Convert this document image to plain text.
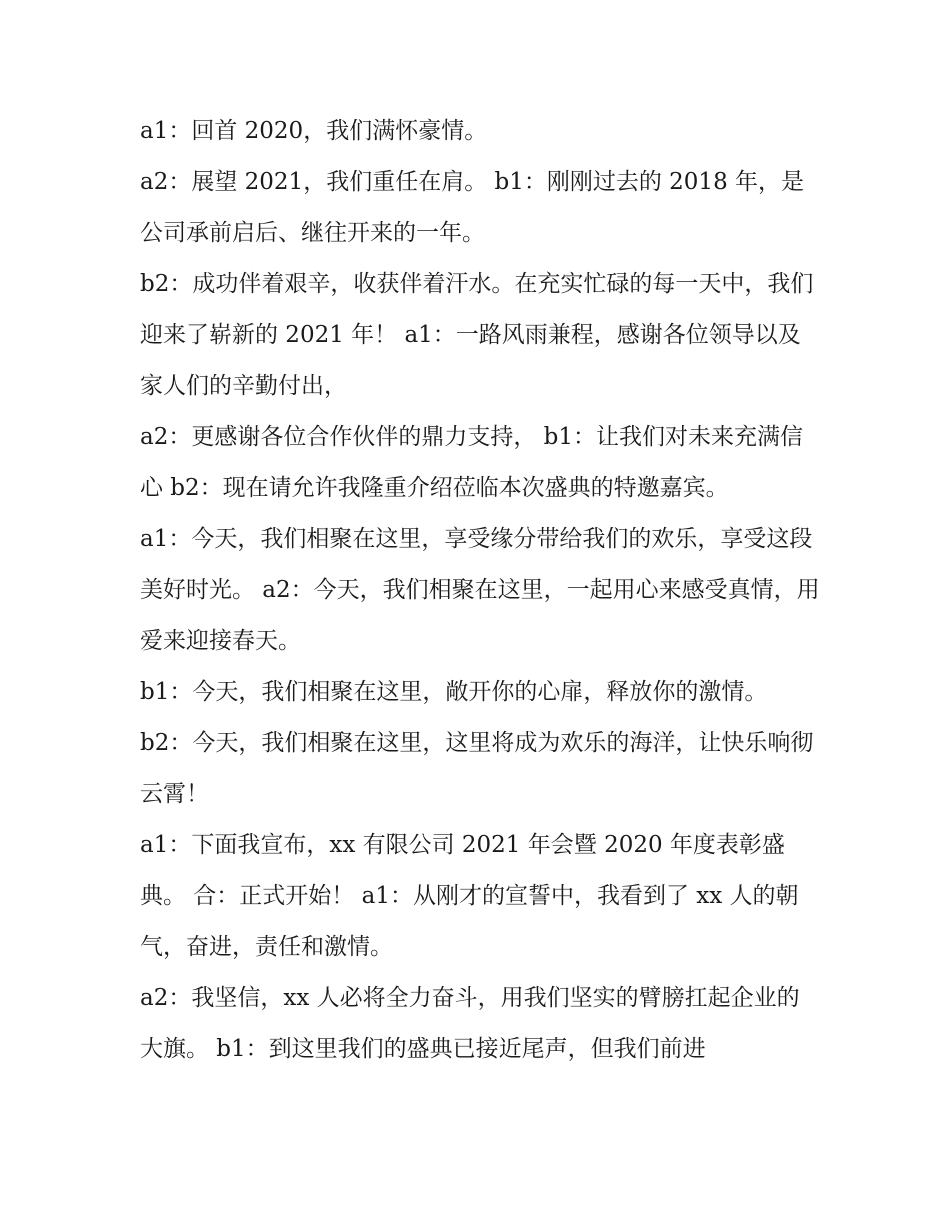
a1：回首 2020，我们满怀豪情。

a2：展望 2021，我们重任在肩。 b1：刚刚过去的 2018 年，是公司承前启后、继往开来的一年。

b2：成功伴着艰辛，收获伴着汗水。在充实忙碌的每一天中，我们迎来了崭新的 2021 年！ a1：一路风雨兼程，感谢各位领导以及家人们的辛勤付出，

a2：更感谢各位合作伙伴的鼎力支持， b1：让我们对未来充满信心 b2：现在请允许我隆重介绍莅临本次盛典的特邀嘉宾。

a1：今天，我们相聚在这里，享受缘分带给我们的欢乐，享受这段美好时光。 a2：今天，我们相聚在这里，一起用心来感受真情，用爱来迎接春天。

b1：今天，我们相聚在这里，敞开你的心扉，释放你的激情。

b2：今天，我们相聚在这里，这里将成为欢乐的海洋，让快乐响彻云霄！

a1：下面我宣布，xx 有限公司 2021 年会暨 2020 年度表彰盛典。 合：正式开始！ a1：从刚才的宣誓中，我看到了 xx 人的朝气，奋进，责任和激情。

a2：我坚信，xx 人必将全力奋斗，用我们坚实的臂膀扛起企业的大旗。 b1：到这里我们的盛典已接近尾声，但我们前进
